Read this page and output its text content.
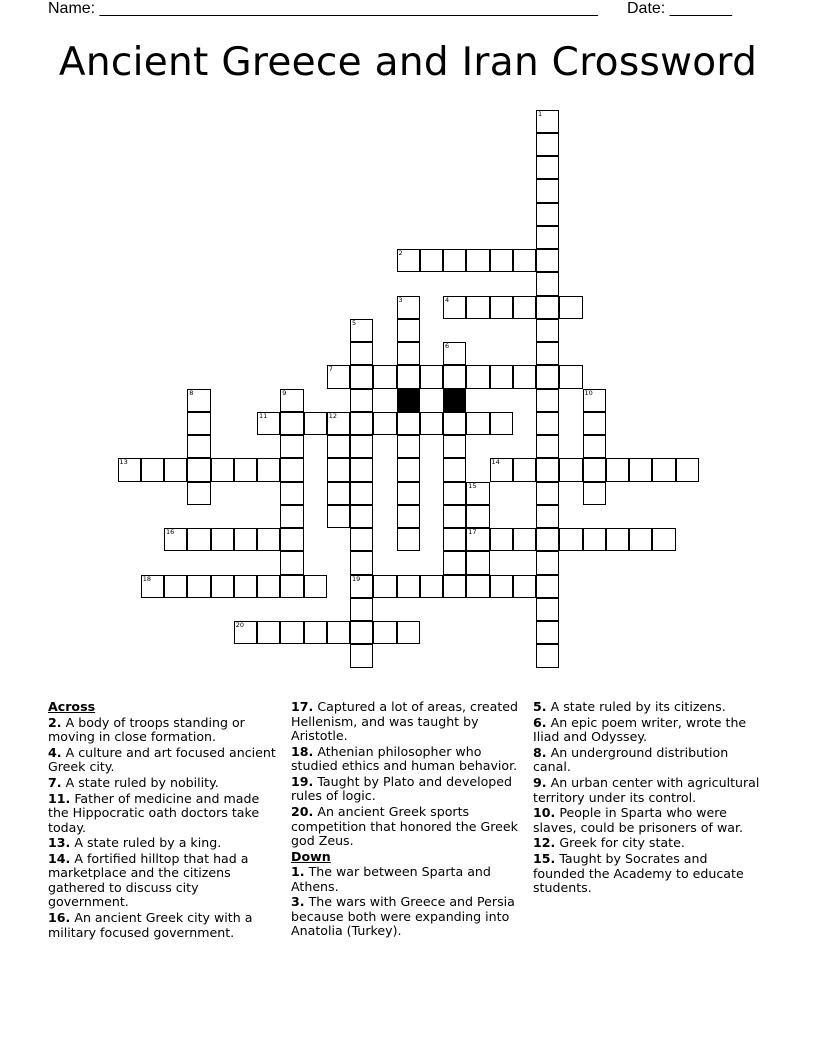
Name: ________________________________________________________ Date: _______
Ancient Greece and Iran Crossword
1
2
3	4
5
19
6
7
8	9	10
11	12
13	14
15
17
16
18
20
Across
2. A body of troops standing or moving in close formation.
4. A culture and art focused ancient Greek city.
7. A state ruled by nobility.
11. Father of medicine and made the Hippocratic oath doctors take today.
13. A state ruled by a king.
14. A fortified hilltop that had a marketplace and the citizens gathered to discuss city government.
16. An ancient Greek city with a military focused government.
17. Captured a lot of areas, created Hellenism, and was taught by Aristotle.
18. Athenian philosopher who studied ethics and human behavior.
19. Taught by Plato and developed rules of logic.
20. An ancient Greek sports competition that honored the Greek god Zeus.
Down
1. The war between Sparta and Athens.
3. The wars with Greece and Persia because both were expanding into Anatolia (Turkey).
5. A state ruled by its citizens.
6. An epic poem writer, wrote the Iliad and Odyssey.
8. An underground distribution canal.
9. An urban center with agricultural territory under its control.
10. People in Sparta who were slaves, could be prisoners of war.
12. Greek for city state.
15. Taught by Socrates and founded the Academy to educate students.
